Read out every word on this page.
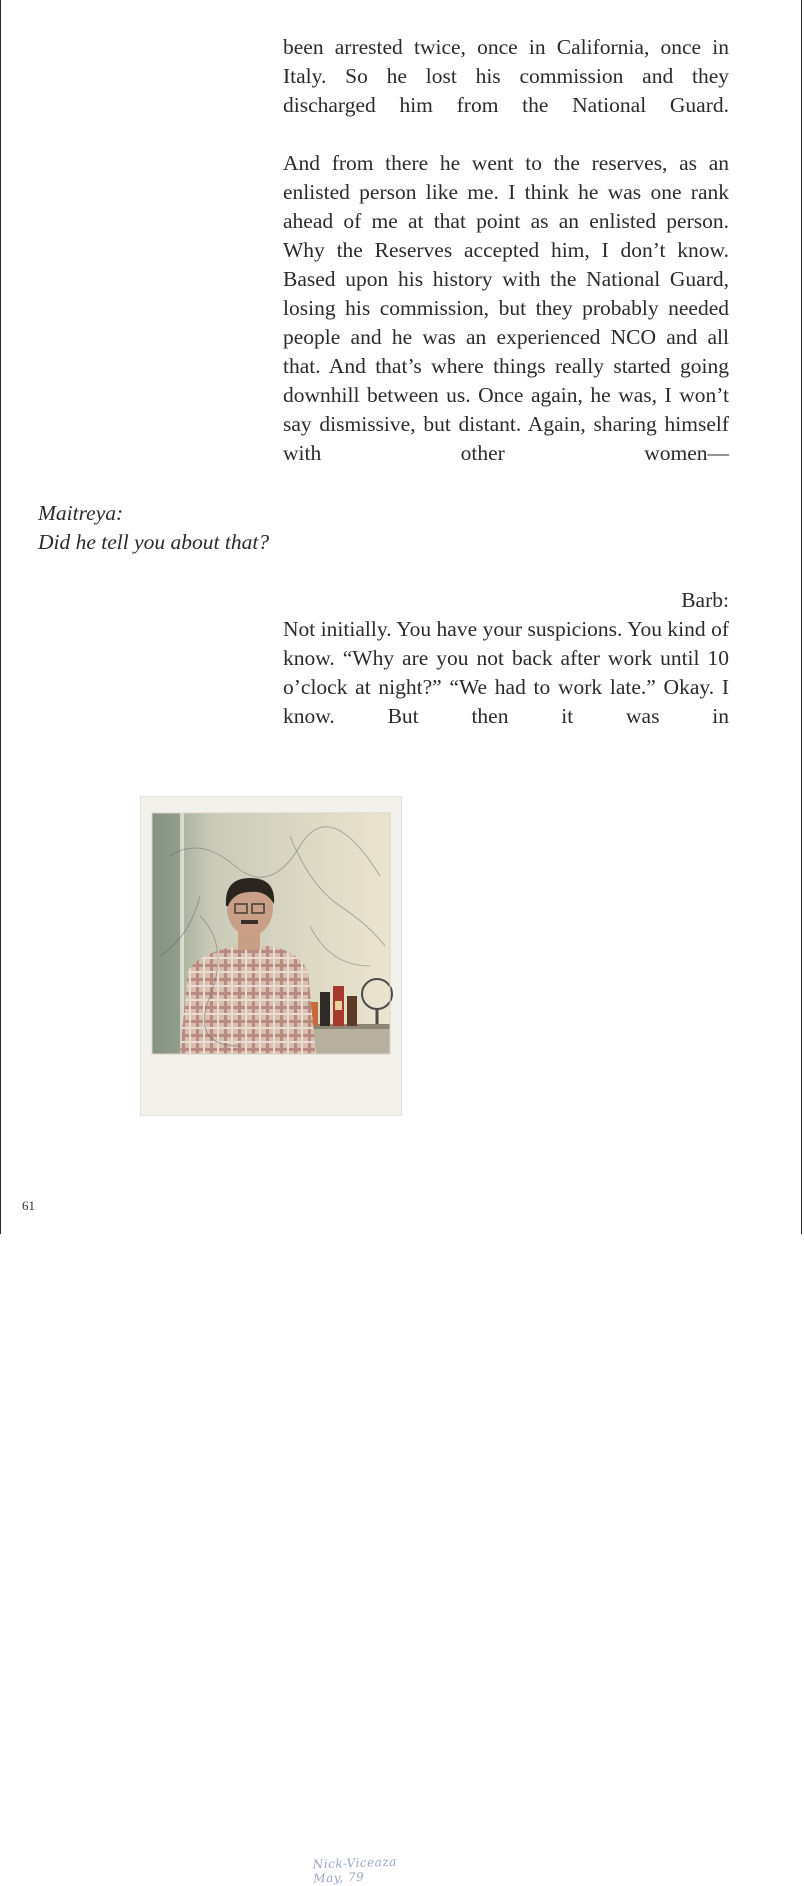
been arrested twice, once in California, once in Italy. So he lost his commission and they discharged him from the National Guard.

And from there he went to the reserves, as an enlisted person like me. I think he was one rank ahead of me at that point as an enlisted person. Why the Reserves accepted him, I don’t know. Based upon his history with the National Guard, losing his commission, but they probably needed people and he was an experienced NCO and all that. And that’s where things really started going downhill between us. Once again, he was, I won’t say dismissive, but distant. Again, sharing himself with other women—

Maitreya:
Did he tell you about that?
Barb:

Not initially. You have your suspicions. You kind of know. “Why are you not back after work until 10 o’clock at night?” “We had to work late.” Okay. I know. But then it was in

Nick-Viceaza May, 79
61
